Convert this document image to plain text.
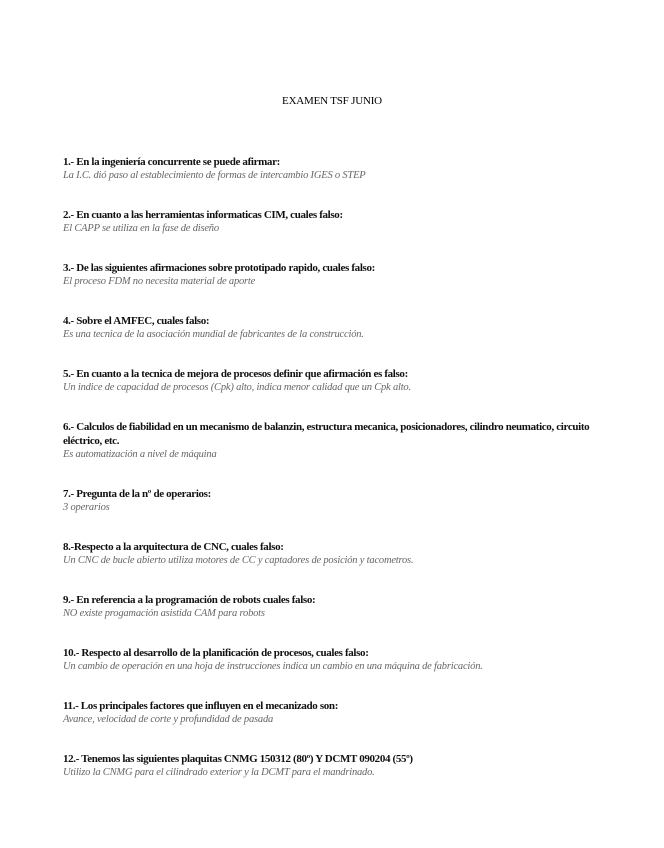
EXAMEN TSF JUNIO
1.- En la ingeniería concurrente se puede afirmar:
La I.C. dió paso al establecimiento de formas de intercambio IGES o STEP
2.- En cuanto a las herramientas informaticas CIM, cuales falso:
El CAPP se utiliza en la fase de diseño
3.- De las siguientes afirmaciones sobre prototipado rapido, cuales falso:
El proceso FDM no necesita material de aporte
4.- Sobre el AMFEC, cuales falso:
Es una tecnica de la asociación mundial de fabricantes de la construcción.
5.- En cuanto a la tecnica de mejora de procesos definir que afirmación es falso:
Un indice de capacidad de procesos (Cpk) alto, indica menor calidad que un Cpk alto.
6.- Calculos de fiabilidad en un mecanismo de balanzin, estructura mecanica, posicionadores, cilindro neumatico, circuito eléctrico, etc.
Es automatización a nivel de máquina
7.- Pregunta de la nº de operarios:
3 operarios
8.-Respecto a la arquitectura de CNC, cuales falso:
Un CNC de bucle abierto utiliza motores de CC y captadores de posición y tacometros.
9.- En referencia a la programación de robots cuales falso:
NO existe progamación asistida CAM para robots
10.- Respecto al desarrollo de la planificación de procesos, cuales falso:
Un cambio de operación en una hoja de instrucciones indica un cambio en una máquina de fabricación.
11.- Los principales factores que influyen en el mecanizado son:
Avance, velocidad de corte y profundidad de pasada
12.- Tenemos las siguientes plaquitas CNMG 150312 (80º) Y DCMT 090204 (55º)
Utilizo la CNMG para el cilindrado exterior y la DCMT para el mandrinado.
